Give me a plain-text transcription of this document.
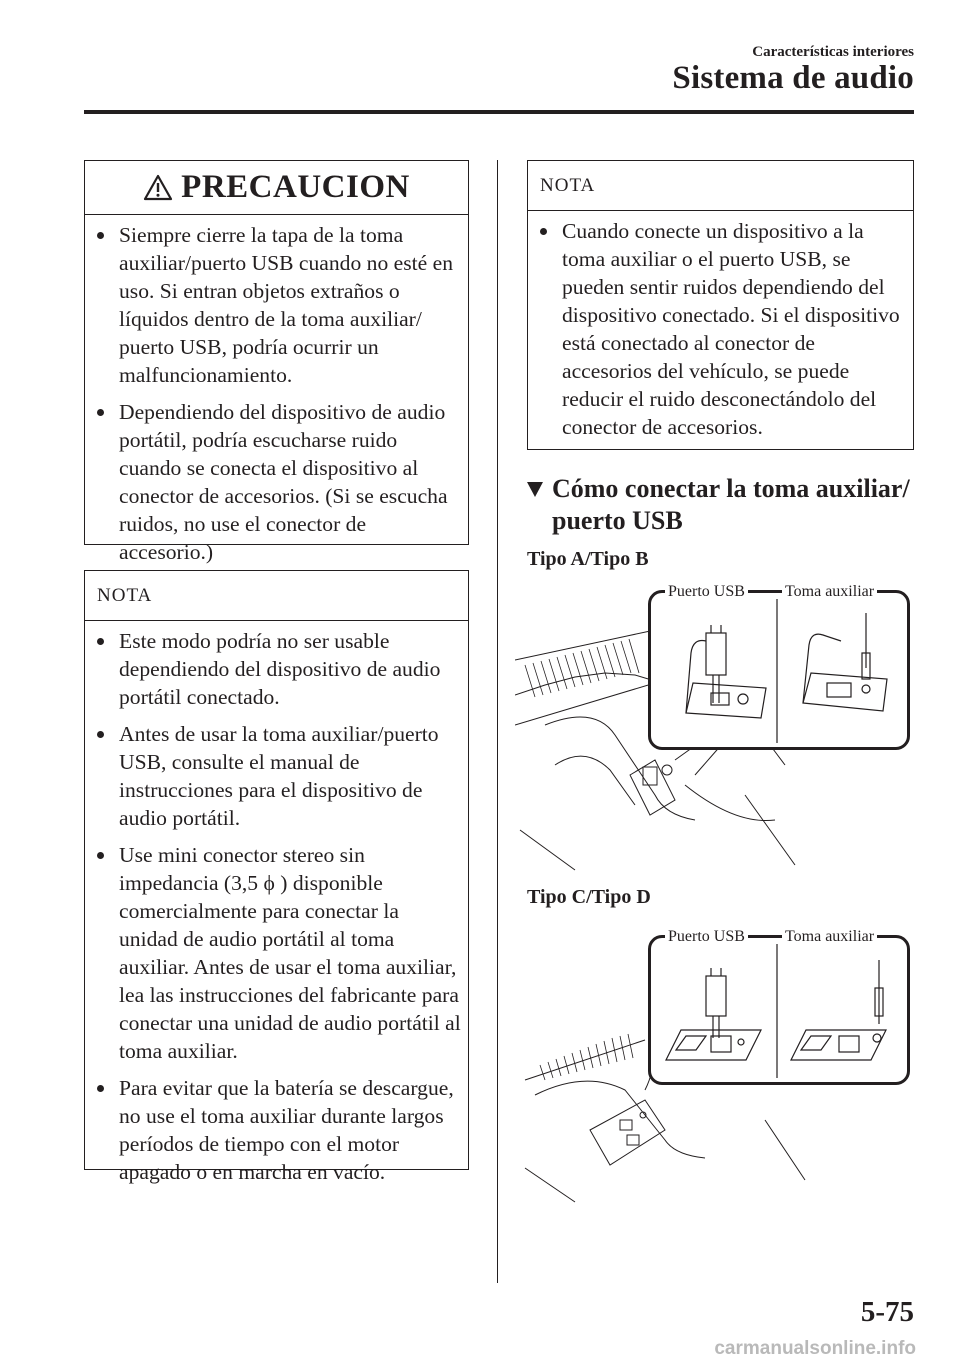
Características interiores
Sistema de audio
PRECAUCION
Siempre cierre la tapa de la toma auxiliar/puerto USB cuando no esté en uso. Si entran objetos extraños o líquidos dentro de la toma auxiliar/ puerto USB, podría ocurrir un malfuncionamiento.
Dependiendo del dispositivo de audio portátil, podría escucharse ruido cuando se conecta el dispositivo al conector de accesorios. (Si se escucha ruidos, no use el conector de accesorio.)
NOTA
Este modo podría no ser usable dependiendo del dispositivo de audio portátil conectado.
Antes de usar la toma auxiliar/puerto USB, consulte el manual de instrucciones para el dispositivo de audio portátil.
Use mini conector stereo sin impedancia (3,5 ϕ ) disponible comercialmente para conectar la unidad de audio portátil al toma auxiliar. Antes de usar el toma auxiliar, lea las instrucciones del fabricante para conectar una unidad de audio portátil al toma auxiliar.
Para evitar que la batería se descargue, no use el toma auxiliar durante largos períodos de tiempo con el motor apagado o en marcha en vacío.
NOTA
Cuando conecte un dispositivo a la toma auxiliar o el puerto USB, se pueden sentir ruidos dependiendo del dispositivo conectado. Si el dispositivo está conectado al conector de accesorios del vehículo, se puede reducir el ruido desconectándolo del conector de accesorios.
Cómo conectar la toma auxiliar/ puerto USB
Tipo A/Tipo B
Puerto USB	Toma auxiliar
Tipo C/Tipo D
Puerto USB	Toma auxiliar
5-75
carmanualsonline.info
